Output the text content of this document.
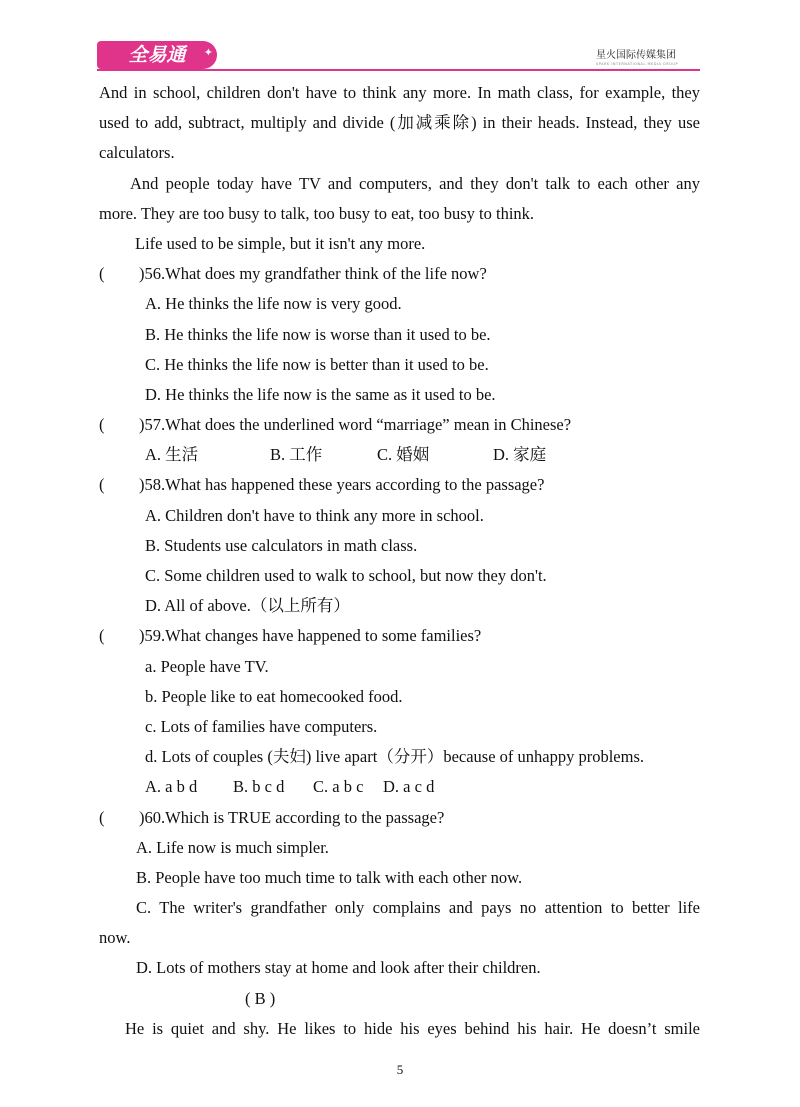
全易通 ✦	星火国际传媒集团
SPARK INTERNATIONAL MEDIA GROUP
And in school, children don't have to think any more. In math class, for example, they
used to add, subtract, multiply and divide (加减乘除) in their heads. Instead, they use
calculators.
And people today have TV and computers, and they don't talk to each other any
more. They are too busy to talk, too busy to eat, too busy to think.
Life used to be simple, but it isn't any more.
( )56.What does my grandfather think of the life now?
A. He thinks the life now is very good.
B. He thinks the life now is worse than it used to be.
C. He thinks the life now is better than it used to be.
D. He thinks the life now is the same as it used to be.
( )57.What does the underlined word “marriage” mean in Chinese?
A. 生活	B. 工作	C. 婚姻	D. 家庭
( )58.What has happened these years according to the passage?
A. Children don't have to think any more in school.
B. Students use calculators in math class.
C. Some children used to walk to school, but now they don't.
D. All of above.（以上所有）
( )59.What changes have happened to some families?
a. People have TV.
b. People like to eat homecooked food.
c. Lots of families have computers.
d. Lots of couples (夫妇) live apart（分开）because of unhappy problems.
A. a b d B. b c d C. a b c D. a c d
( )60.Which is TRUE according to the passage?
A. Life now is much simpler.
B. People have too much time to talk with each other now.
C. The writer's grandfather only complains and pays no attention to better life
now.
D. Lots of mothers stay at home and look after their children.
( B )
He is quiet and shy. He likes to hide his eyes behind his hair. He doesn’t smile
5
